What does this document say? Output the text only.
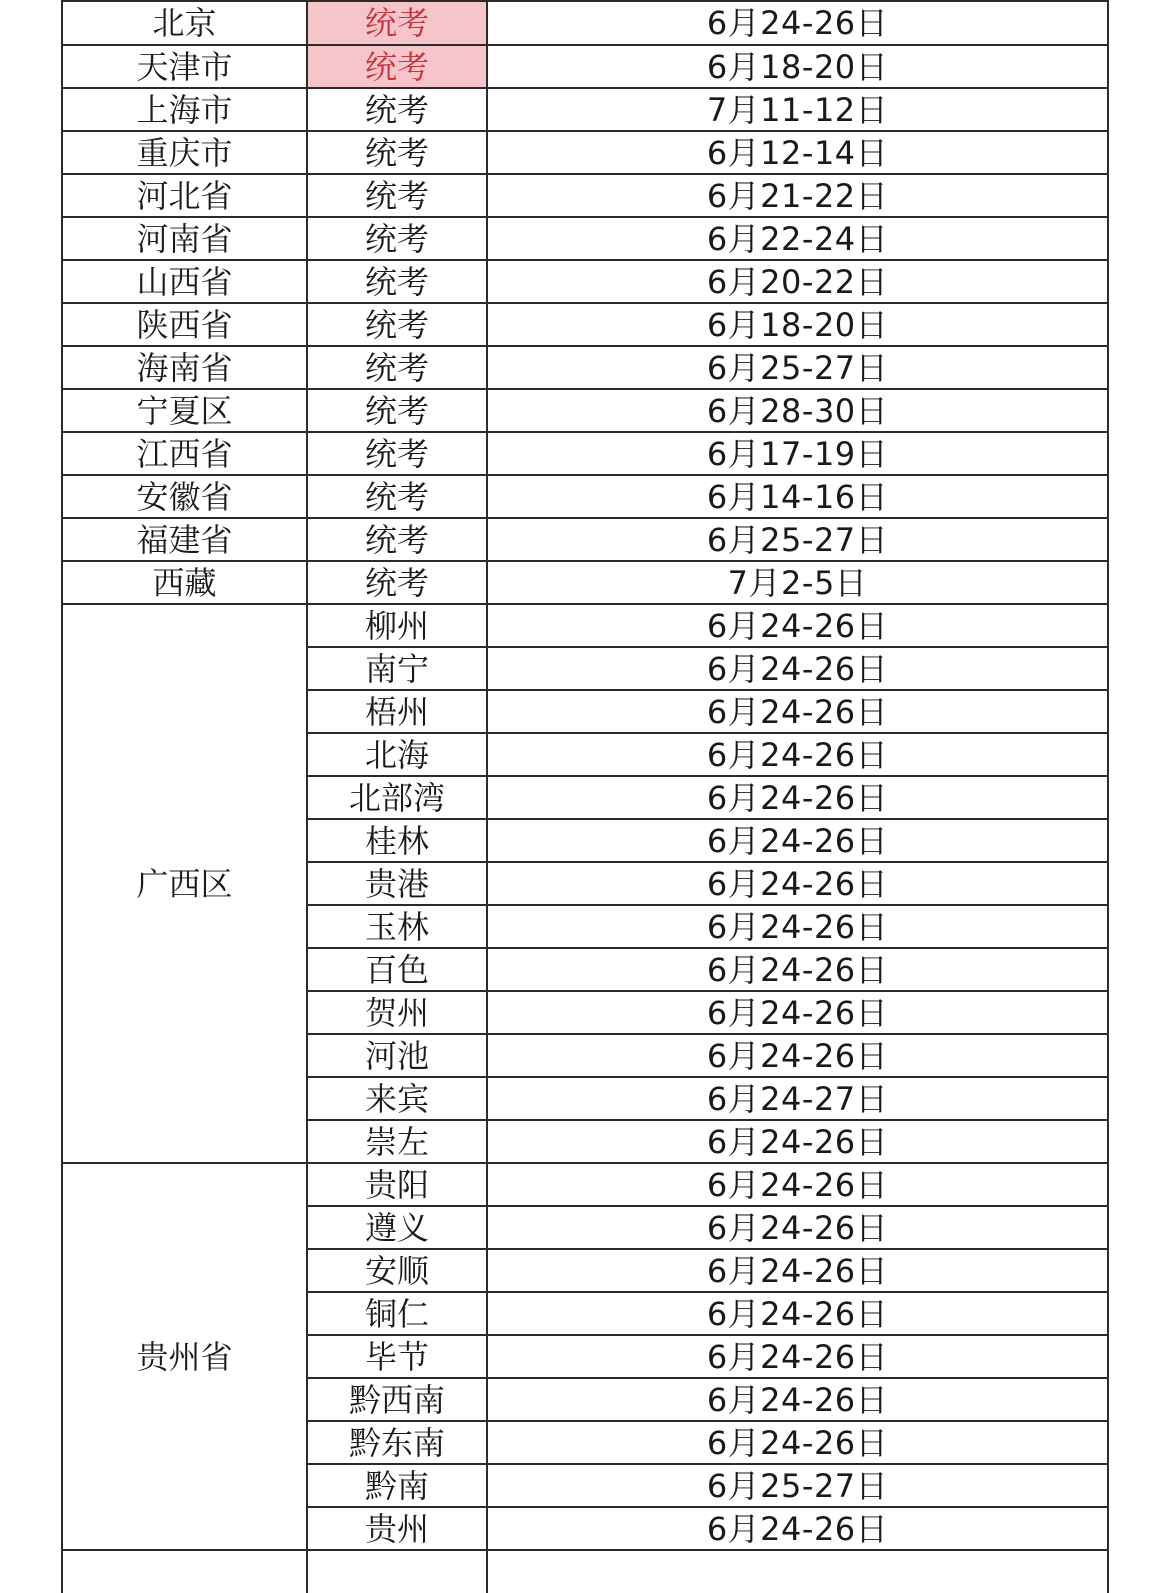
北京	统考	6月24-26日
天津市	统考	6月18-20日
上海市	统考	7月11-12日
重庆市	统考	6月12-14日
河北省	统考	6月21-22日
河南省	统考	6月22-24日
山西省	统考	6月20-22日
陕西省	统考	6月18-20日
海南省	统考	6月25-27日
宁夏区	统考	6月28-30日
江西省	统考	6月17-19日
安徽省	统考	6月14-16日
福建省	统考	6月25-27日
西藏	统考	7月2-5日
广西区	柳州	6月24-26日
	南宁	6月24-26日
	梧州	6月24-26日
	北海	6月24-26日
	北部湾	6月24-26日
	桂林	6月24-26日
	贵港	6月24-26日
	玉林	6月24-26日
	百色	6月24-26日
	贺州	6月24-26日
	河池	6月24-26日
	来宾	6月24-27日
	崇左	6月24-26日
贵州省	贵阳	6月24-26日
	遵义	6月24-26日
	安顺	6月24-26日
	铜仁	6月24-26日
	毕节	6月24-26日
	黔西南	6月24-26日
	黔东南	6月24-26日
	黔南	6月25-27日
	贵州	6月24-26日
